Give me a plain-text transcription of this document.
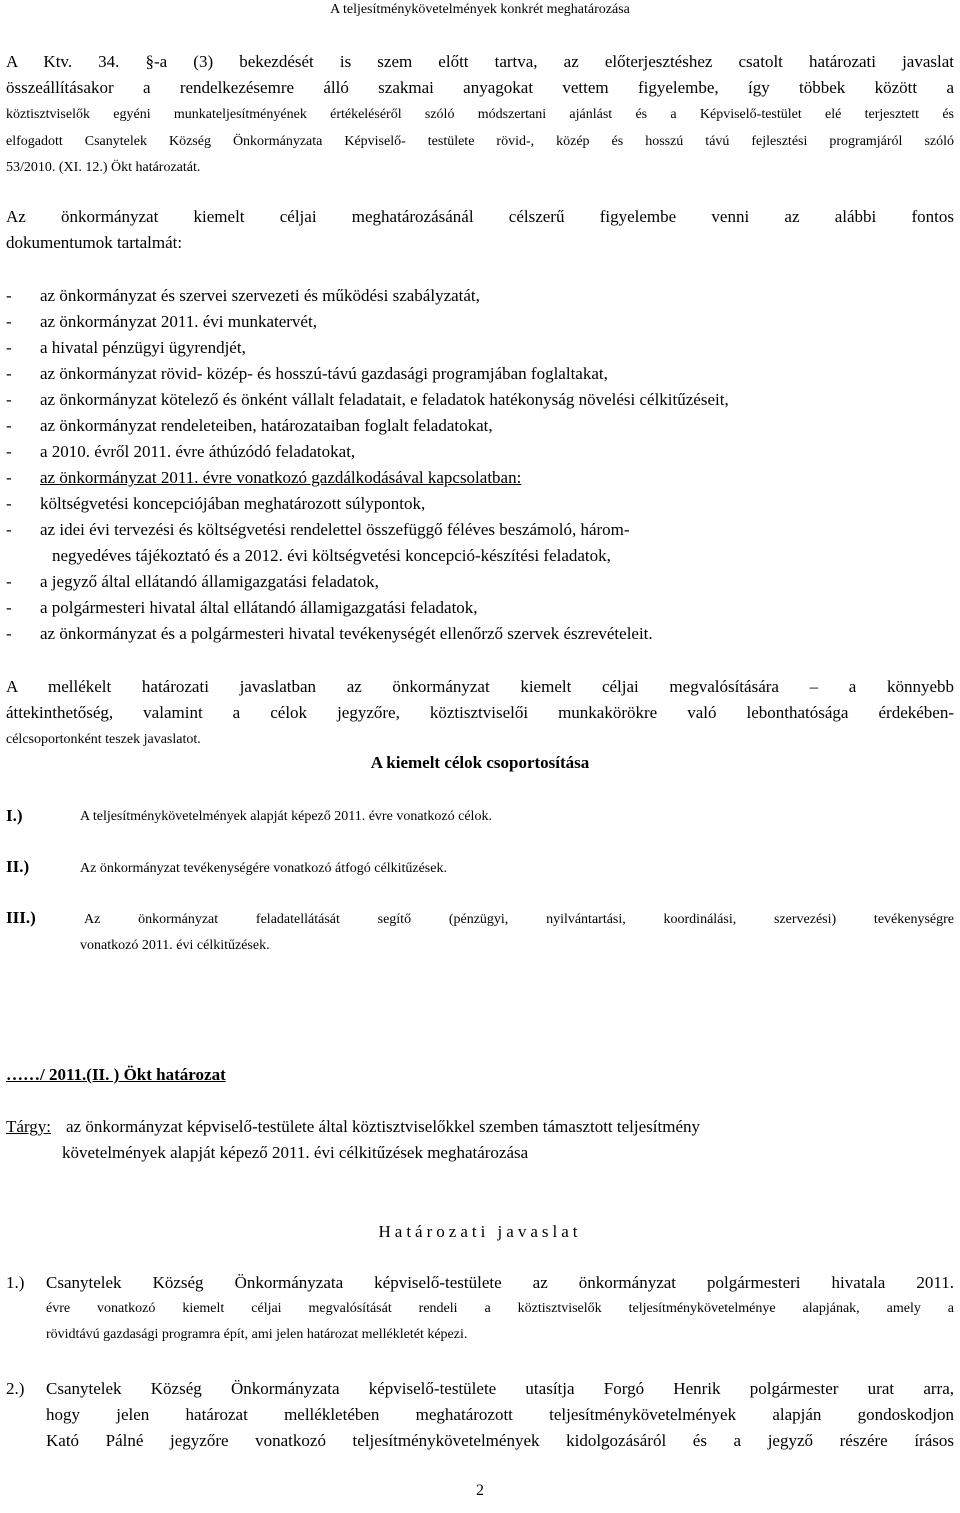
A teljesítménykövetelmények konkrét meghatározása
A Ktv. 34. §-a (3) bekezdését is szem előtt tartva, az előterjesztéshez csatolt határozati javaslat
összeállításakor a rendelkezésemre álló szakmai anyagokat vettem figyelembe, így többek között a
köztisztviselők egyéni munkateljesítményének értékeléséről szóló módszertani ajánlást és a Képviselő-testület elé terjesztett és
elfogadott Csanytelek Község Önkormányzata Képviselő- testülete rövid-, közép és hosszú távú fejlesztési programjáról szóló
53/2010. (XI. 12.) Ökt határozatát.
Az önkormányzat kiemelt céljai meghatározásánál célszerű figyelembe venni az alábbi fontos
dokumentumok tartalmát:
- az önkormányzat és szervei szervezeti és működési szabályzatát,
- az önkormányzat 2011. évi munkatervét,
- a hivatal pénzügyi ügyrendjét,
- az önkormányzat rövid- közép- és hosszú-távú gazdasági programjában foglaltakat,
- az önkormányzat kötelező és önként vállalt feladatait, e feladatok hatékonyság növelési célkitűzéseit,
- az önkormányzat rendeleteiben, határozataiban foglalt feladatokat,
- a 2010. évről 2011. évre áthúzódó feladatokat,
- az önkormányzat 2011. évre vonatkozó gazdálkodásával kapcsolatban:
- költségvetési koncepciójában meghatározott súlypontok,
- az idei évi tervezési és költségvetési rendelettel összefüggő féléves beszámoló, három-
negyedéves tájékoztató és a 2012. évi költségvetési koncepció-készítési feladatok,
- a jegyző által ellátandó államigazgatási feladatok,
- a polgármesteri hivatal által ellátandó államigazgatási feladatok,
- az önkormányzat és a polgármesteri hivatal tevékenységét ellenőrző szervek észrevételeit.
A mellékelt határozati javaslatban az önkormányzat kiemelt céljai megvalósítására – a könnyebb
áttekinthetőség, valamint a célok jegyzőre, köztisztviselői munkakörökre való lebonthatósága érdekében-
célcsoportonként teszek javaslatot.
A kiemelt célok csoportosítása
I.)	A teljesítménykövetelmények alapját képező 2011. évre vonatkozó célok.
II.)	Az önkormányzat tevékenységére vonatkozó átfogó célkitűzések.
III.)	Az önkormányzat feladatellátását segítő (pénzügyi, nyilvántartási, koordinálási, szervezési) tevékenységre
vonatkozó 2011. évi célkitűzések.
……/ 2011.(II. ) Ökt határozat
Tárgy: az önkormányzat képviselő-testülete által köztisztviselőkkel szemben támasztott teljesítmény
követelmények alapját képező 2011. évi célkitűzések meghatározása
Határozati javaslat
1.) Csanytelek Község Önkormányzata képviselő-testülete az önkormányzat polgármesteri hivatala 2011.
évre vonatkozó kiemelt céljai megvalósítását rendeli a köztisztviselők teljesítménykövetelménye alapjának, amely a
rövidtávú gazdasági programra épít, ami jelen határozat mellékletét képezi.
2.) Csanytelek Község Önkormányzata képviselő-testülete utasítja Forgó Henrik polgármester urat arra,
hogy jelen határozat mellékletében meghatározott teljesítménykövetelmények alapján gondoskodjon
Kató Pálné jegyzőre vonatkozó teljesítménykövetelmények kidolgozásáról és a jegyző részére írásos
2
